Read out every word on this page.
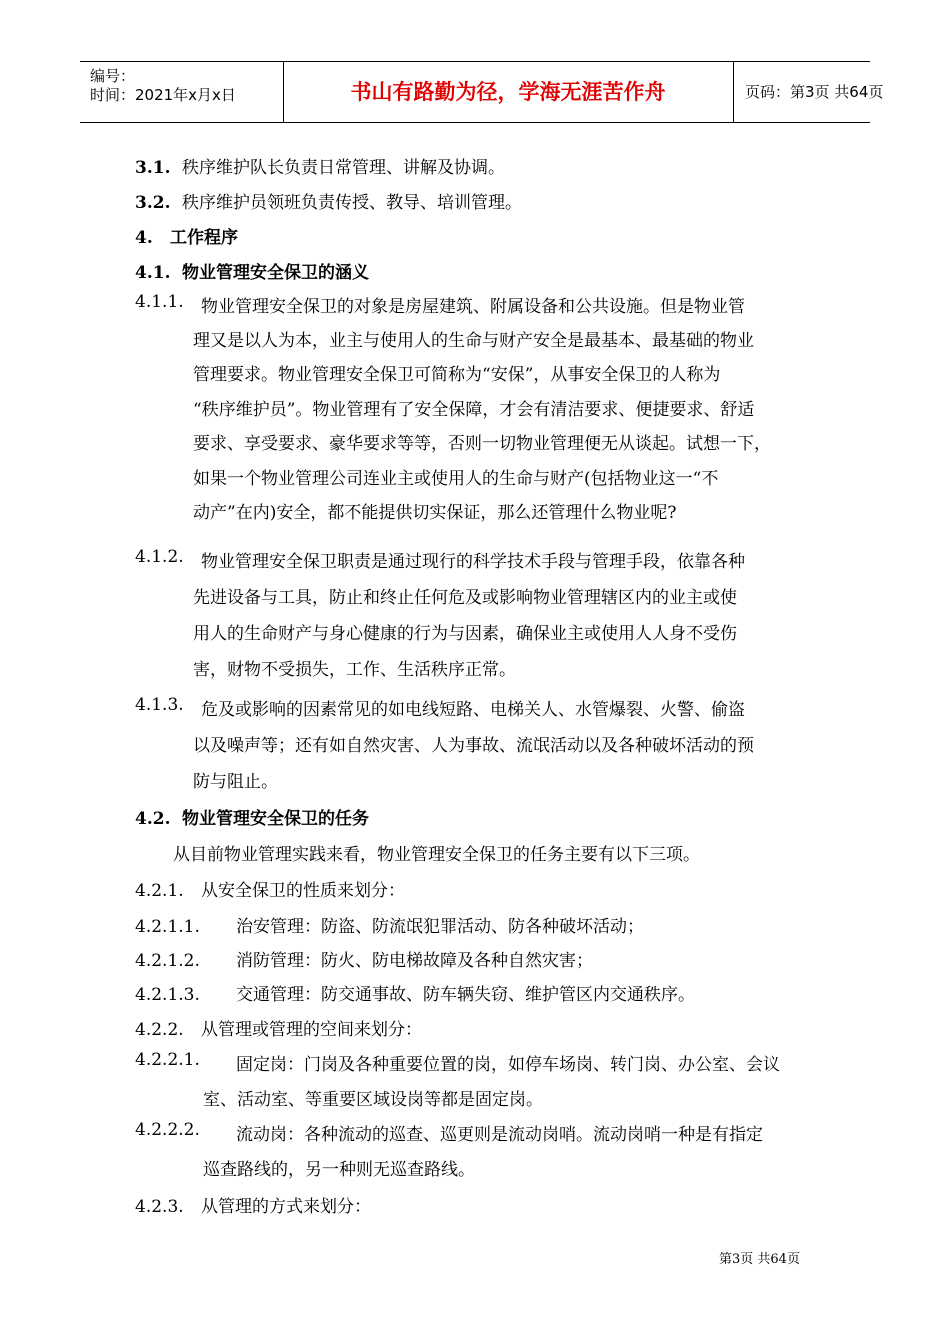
编号：
时间：2021年x月x日	书山有路勤为径，学海无涯苦作舟	页码：第3页 共64页
3.1. 秩序维护队长负责日常管理、讲解及协调。
3.2. 秩序维护员领班负责传授、教导、培训管理。
4. 工作程序
4.1. 物业管理安全保卫的涵义
4.1.1. 物业管理安全保卫的对象是房屋建筑、附属设备和公共设施。但是物业管
理又是以人为本，业主与使用人的生命与财产安全是最基本、最基础的物业
管理要求。物业管理安全保卫可简称为“安保”，从事安全保卫的人称为
“秩序维护员”。物业管理有了安全保障，才会有清洁要求、便捷要求、舒适
要求、享受要求、豪华要求等等，否则一切物业管理便无从谈起。试想一下，
如果一个物业管理公司连业主或使用人的生命与财产(包括物业这一“不
动产”在内)安全，都不能提供切实保证，那么还管理什么物业呢?
4.1.2. 物业管理安全保卫职责是通过现行的科学技术手段与管理手段，依靠各种
先进设备与工具，防止和终止任何危及或影响物业管理辖区内的业主或使
用人的生命财产与身心健康的行为与因素，确保业主或使用人人身不受伤
害，财物不受损失，工作、生活秩序正常。
4.1.3. 危及或影响的因素常见的如电线短路、电梯关人、水管爆裂、火警、偷盗
以及噪声等；还有如自然灾害、人为事故、流氓活动以及各种破坏活动的预
防与阻止。
4.2. 物业管理安全保卫的任务
从目前物业管理实践来看，物业管理安全保卫的任务主要有以下三项。
4.2.1. 从安全保卫的性质来划分：
4.2.1.1. 治安管理：防盗、防流氓犯罪活动、防各种破坏活动；
4.2.1.2. 消防管理：防火、防电梯故障及各种自然灾害；
4.2.1.3. 交通管理：防交通事故、防车辆失窃、维护管区内交通秩序。
4.2.2. 从管理或管理的空间来划分：
4.2.2.1. 固定岗：门岗及各种重要位置的岗，如停车场岗、转门岗、办公室、会议
室、活动室、等重要区域设岗等都是固定岗。
4.2.2.2. 流动岗：各种流动的巡查、巡更则是流动岗哨。流动岗哨一种是有指定
巡查路线的，另一种则无巡查路线。
4.2.3. 从管理的方式来划分：
第3页 共64页
